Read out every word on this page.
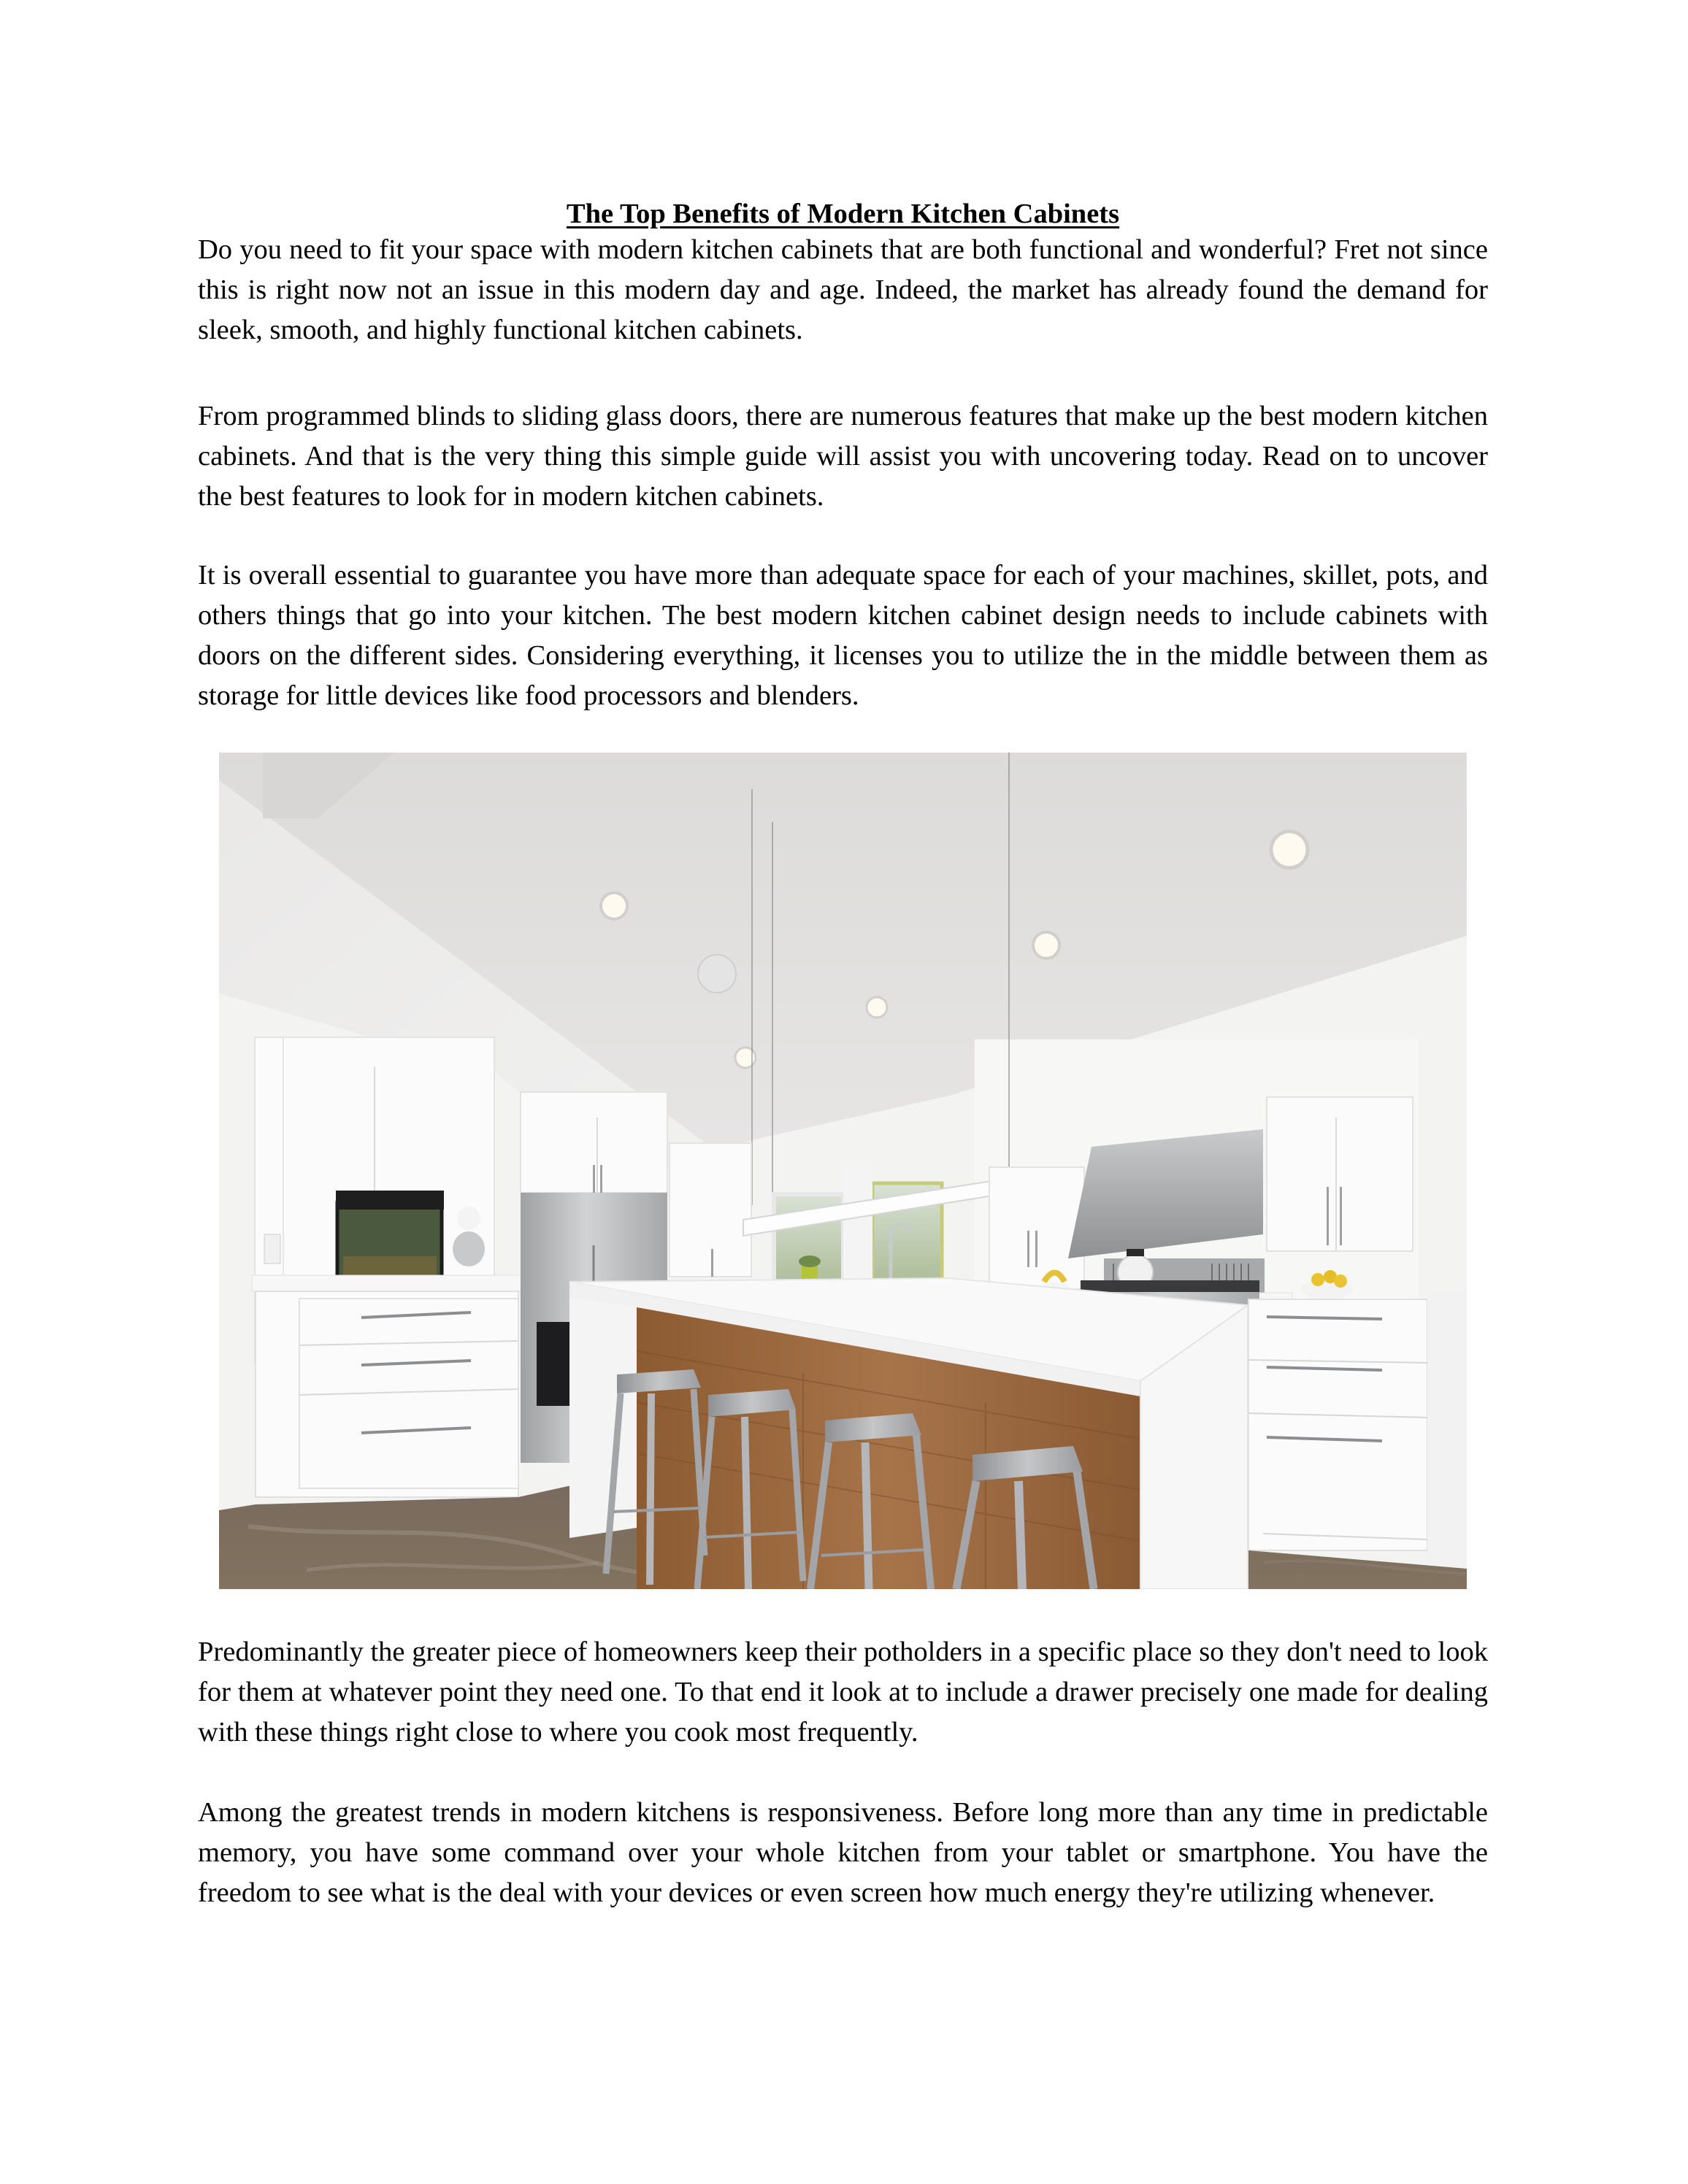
The Top Benefits of Modern Kitchen Cabinets

Do you need to fit your space with modern kitchen cabinets that are both functional and wonderful? Fret not since this is right now not an issue in this modern day and age. Indeed, the market has already found the demand for sleek, smooth, and highly functional kitchen cabinets.

From programmed blinds to sliding glass doors, there are numerous features that make up the best modern kitchen cabinets. And that is the very thing this simple guide will assist you with uncovering today. Read on to uncover the best features to look for in modern kitchen cabinets.

It is overall essential to guarantee you have more than adequate space for each of your machines, skillet, pots, and others things that go into your kitchen. The best modern kitchen cabinet design needs to include cabinets with doors on the different sides. Considering everything, it licenses you to utilize the in the middle between them as storage for little devices like food processors and blenders.

Predominantly the greater piece of homeowners keep their potholders in a specific place so they don't need to look for them at whatever point they need one. To that end it look at to include a drawer precisely one made for dealing with these things right close to where you cook most frequently.

Among the greatest trends in modern kitchens is responsiveness. Before long more than any time in predictable memory, you have some command over your whole kitchen from your tablet or smartphone. You have the freedom to see what is the deal with your devices or even screen how much energy they're utilizing whenever.
